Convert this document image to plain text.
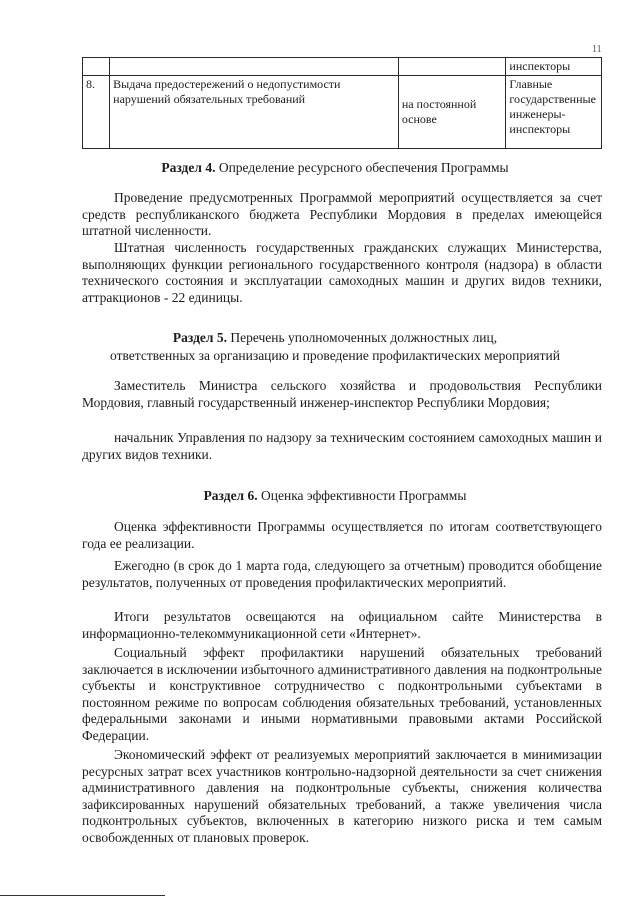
11
			инспекторы
8.	Выдача предостережений о недопустимости нарушений обязательных требований	на постоянной основе	Главные государственные инженеры-инспекторы
Раздел 4. Определение ресурсного обеспечения Программы

Проведение предусмотренных Программой мероприятий осуществляется за счет средств республиканского бюджета Республики Мордовия в пределах имеющейся штатной численности.

Штатная численность государственных гражданских служащих Министерства, выполняющих функции регионального государственного контроля (надзора) в области технического состояния и эксплуатации самоходных машин и других видов техники, аттракционов - 22 единицы.

Раздел 5. Перечень уполномоченных должностных лиц,
ответственных за организацию и проведение профилактических мероприятий

Заместитель Министра сельского хозяйства и продовольствия Республики Мордовия, главный государственный инженер-инспектор Республики Мордовия;

начальник Управления по надзору за техническим состоянием самоходных машин и других видов техники.

Раздел 6. Оценка эффективности Программы

Оценка эффективности Программы осуществляется по итогам соответствующего года ее реализации.

Ежегодно (в срок до 1 марта года, следующего за отчетным) проводится обобщение результатов, полученных от проведения профилактических мероприятий.

Итоги результатов освещаются на официальном сайте Министерства в информационно-телекоммуникационной сети «Интернет».

Социальный эффект профилактики нарушений обязательных требований заключается в исключении избыточного административного давления на подконтрольные субъекты и конструктивное сотрудничество с подконтрольными субъектами в постоянном режиме по вопросам соблюдения обязательных требований, установленных федеральными законами и иными нормативными правовыми актами Российской Федерации.

Экономический эффект от реализуемых мероприятий заключается в минимизации ресурсных затрат всех участников контрольно-надзорной деятельности за счет снижения административного давления на подконтрольные субъекты, снижения количества зафиксированных нарушений обязательных требований, а также увеличения числа подконтрольных субъектов, включенных в категорию низкого риска и тем самым освобожденных от плановых проверок.
